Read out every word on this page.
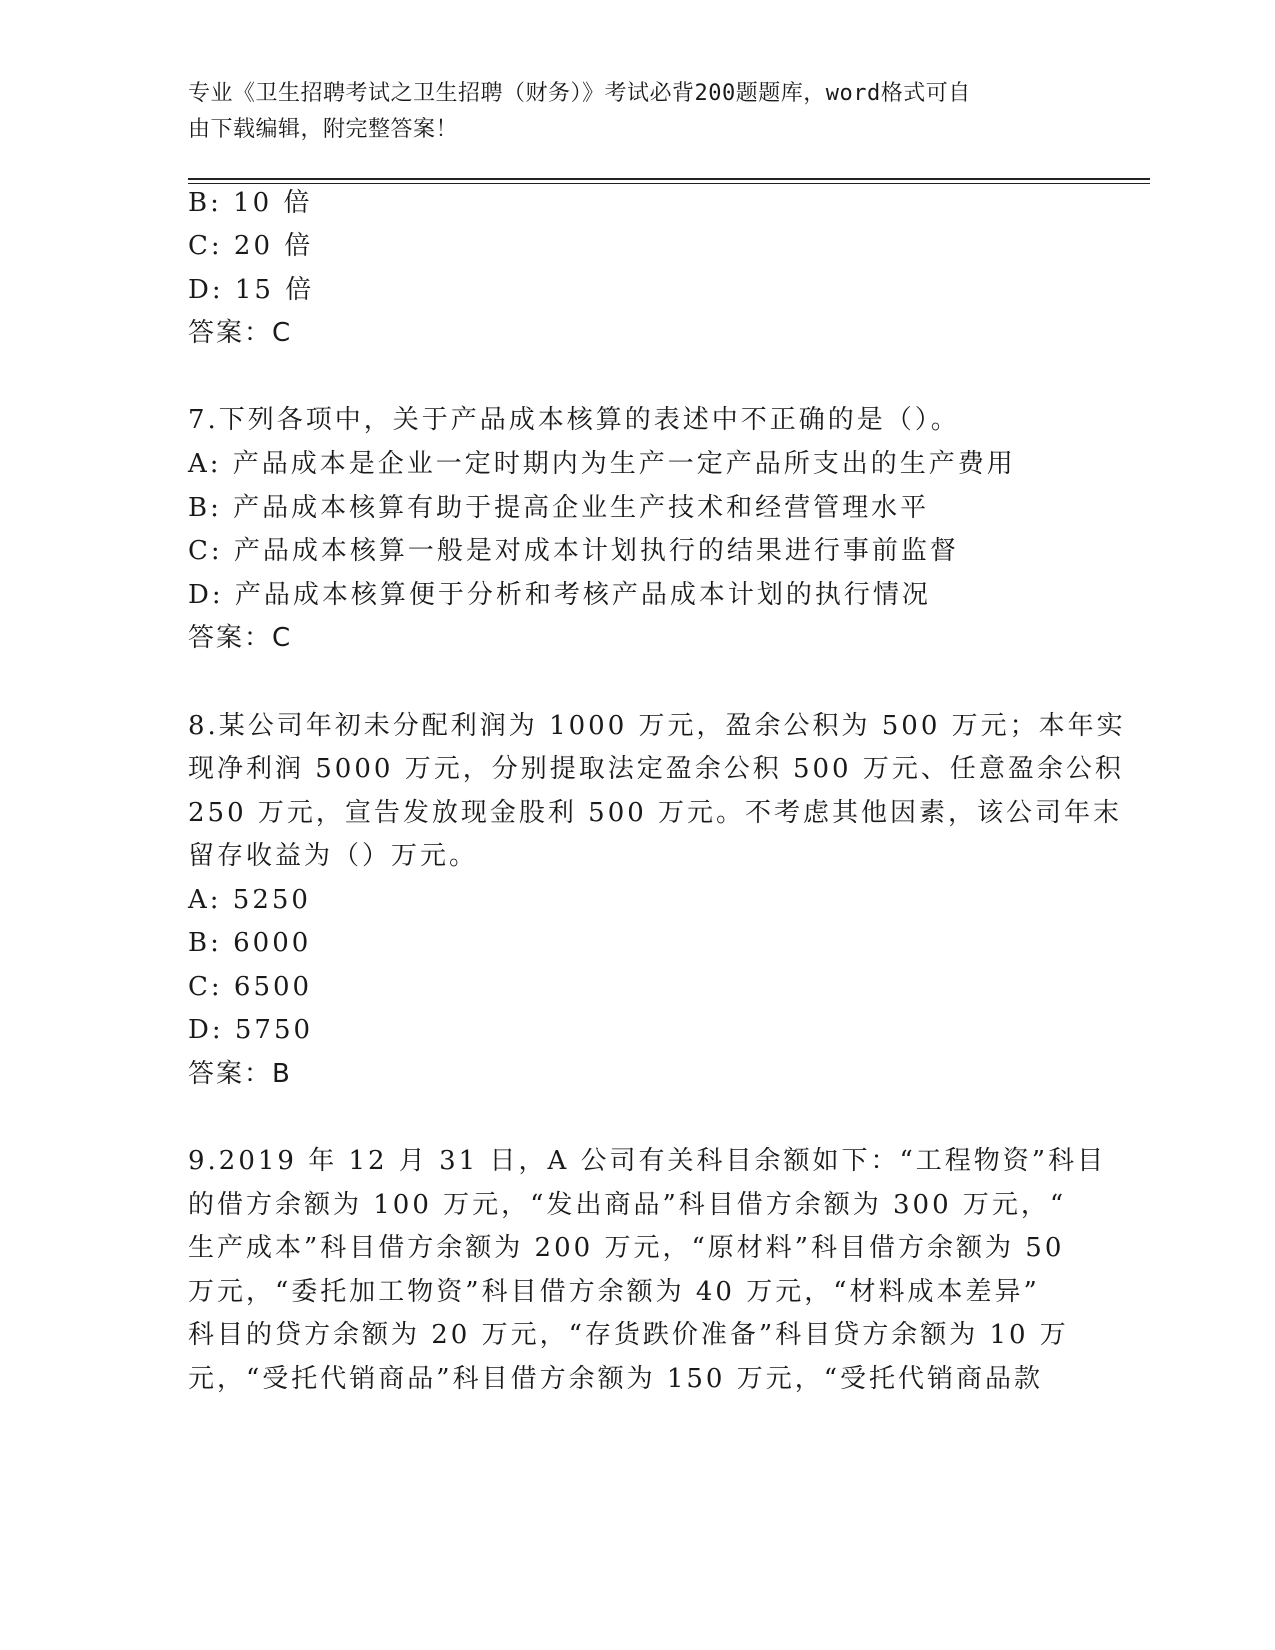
专业《卫生招聘考试之卫生招聘（财务）》考试必背200题题库，word格式可自
由下载编辑，附完整答案！
B: 10 倍
C: 20 倍
D: 15 倍
答案：C
7.下列各项中，关于产品成本核算的表述中不正确的是（）。
A: 产品成本是企业一定时期内为生产一定产品所支出的生产费用
B: 产品成本核算有助于提高企业生产技术和经营管理水平
C: 产品成本核算一般是对成本计划执行的结果进行事前监督
D: 产品成本核算便于分析和考核产品成本计划的执行情况
答案：C
8.某公司年初未分配利润为 1000 万元，盈余公积为 500 万元；本年实
现净利润 5000 万元，分别提取法定盈余公积 500 万元、任意盈余公积
250 万元，宣告发放现金股利 500 万元。不考虑其他因素，该公司年末
留存收益为（）万元。
A: 5250
B: 6000
C: 6500
D: 5750
答案：B
9.2019 年 12 月 31 日，A 公司有关科目余额如下：“工程物资”科目
的借方余额为 100 万元，“发出商品”科目借方余额为 300 万元，“
生产成本”科目借方余额为 200 万元，“原材料”科目借方余额为 50
万元，“委托加工物资”科目借方余额为 40 万元，“材料成本差异”
科目的贷方余额为 20 万元，“存货跌价准备”科目贷方余额为 10 万
元，“受托代销商品”科目借方余额为 150 万元，“受托代销商品款
